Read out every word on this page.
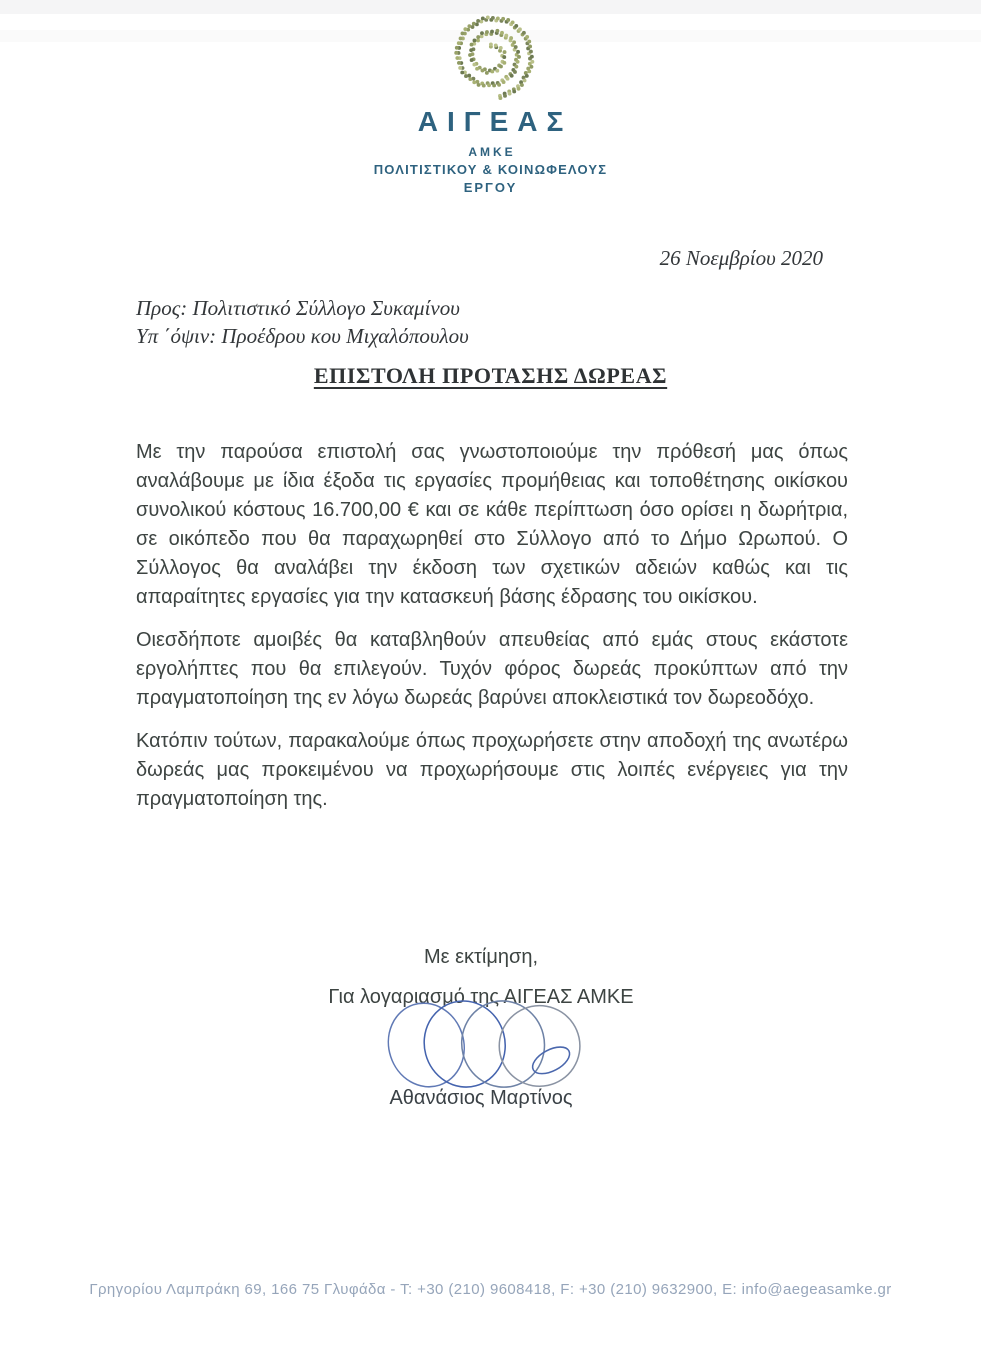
ΑΙΓΕΑΣ
ΑΜΚΕ
ΠΟΛΙΤΙΣΤΙΚΟΥ & ΚΟΙΝΩΦΕΛΟΥΣ
ΕΡΓΟΥ
26 Νοεμβρίου 2020
Προς: Πολιτιστικό Σύλλογο Συκαμίνου
Υπ ΄όψιν: Προέδρου κου Μιχαλόπουλου
ΕΠΙΣΤΟΛΗ ΠΡΟΤΑΣΗΣ ΔΩΡΕΑΣ

Με την παρούσα επιστολή σας γνωστοποιούμε την πρόθεσή μας όπως αναλάβουμε με ίδια έξοδα τις εργασίες προμήθειας και τοποθέτησης οικίσκου συνολικού κόστους 16.700,00 € και σε κάθε περίπτωση όσο ορίσει η δωρήτρια, σε οικόπεδο που θα παραχωρηθεί στο Σύλλογο από το Δήμο Ωρωπού. Ο Σύλλογος θα αναλάβει την έκδοση των σχετικών αδειών καθώς και τις απαραίτητες εργασίες για την κατασκευή βάσης έδρασης του οικίσκου.

Οιεσδήποτε αμοιβές θα καταβληθούν απευθείας από εμάς στους εκάστοτε εργολήπτες που θα επιλεγούν. Τυχόν φόρος δωρεάς προκύπτων από την πραγματοποίηση της εν λόγω δωρεάς βαρύνει αποκλειστικά τον δωρεοδόχο.

Κατόπιν τούτων, παρακαλούμε όπως προχωρήσετε στην αποδοχή της ανωτέρω δωρεάς μας προκειμένου να προχωρήσουμε στις λοιπές ενέργειες για την πραγματοποίηση της.

Με εκτίμηση,
Για λογαριασμό της ΑΙΓΕΑΣ ΑΜΚΕ
Αθανάσιος Μαρτίνος
Γρηγορίου Λαμπράκη 69, 166 75 Γλυφάδα - Τ: +30 (210) 9608418, F: +30 (210) 9632900, E: info@aegeasamke.gr
